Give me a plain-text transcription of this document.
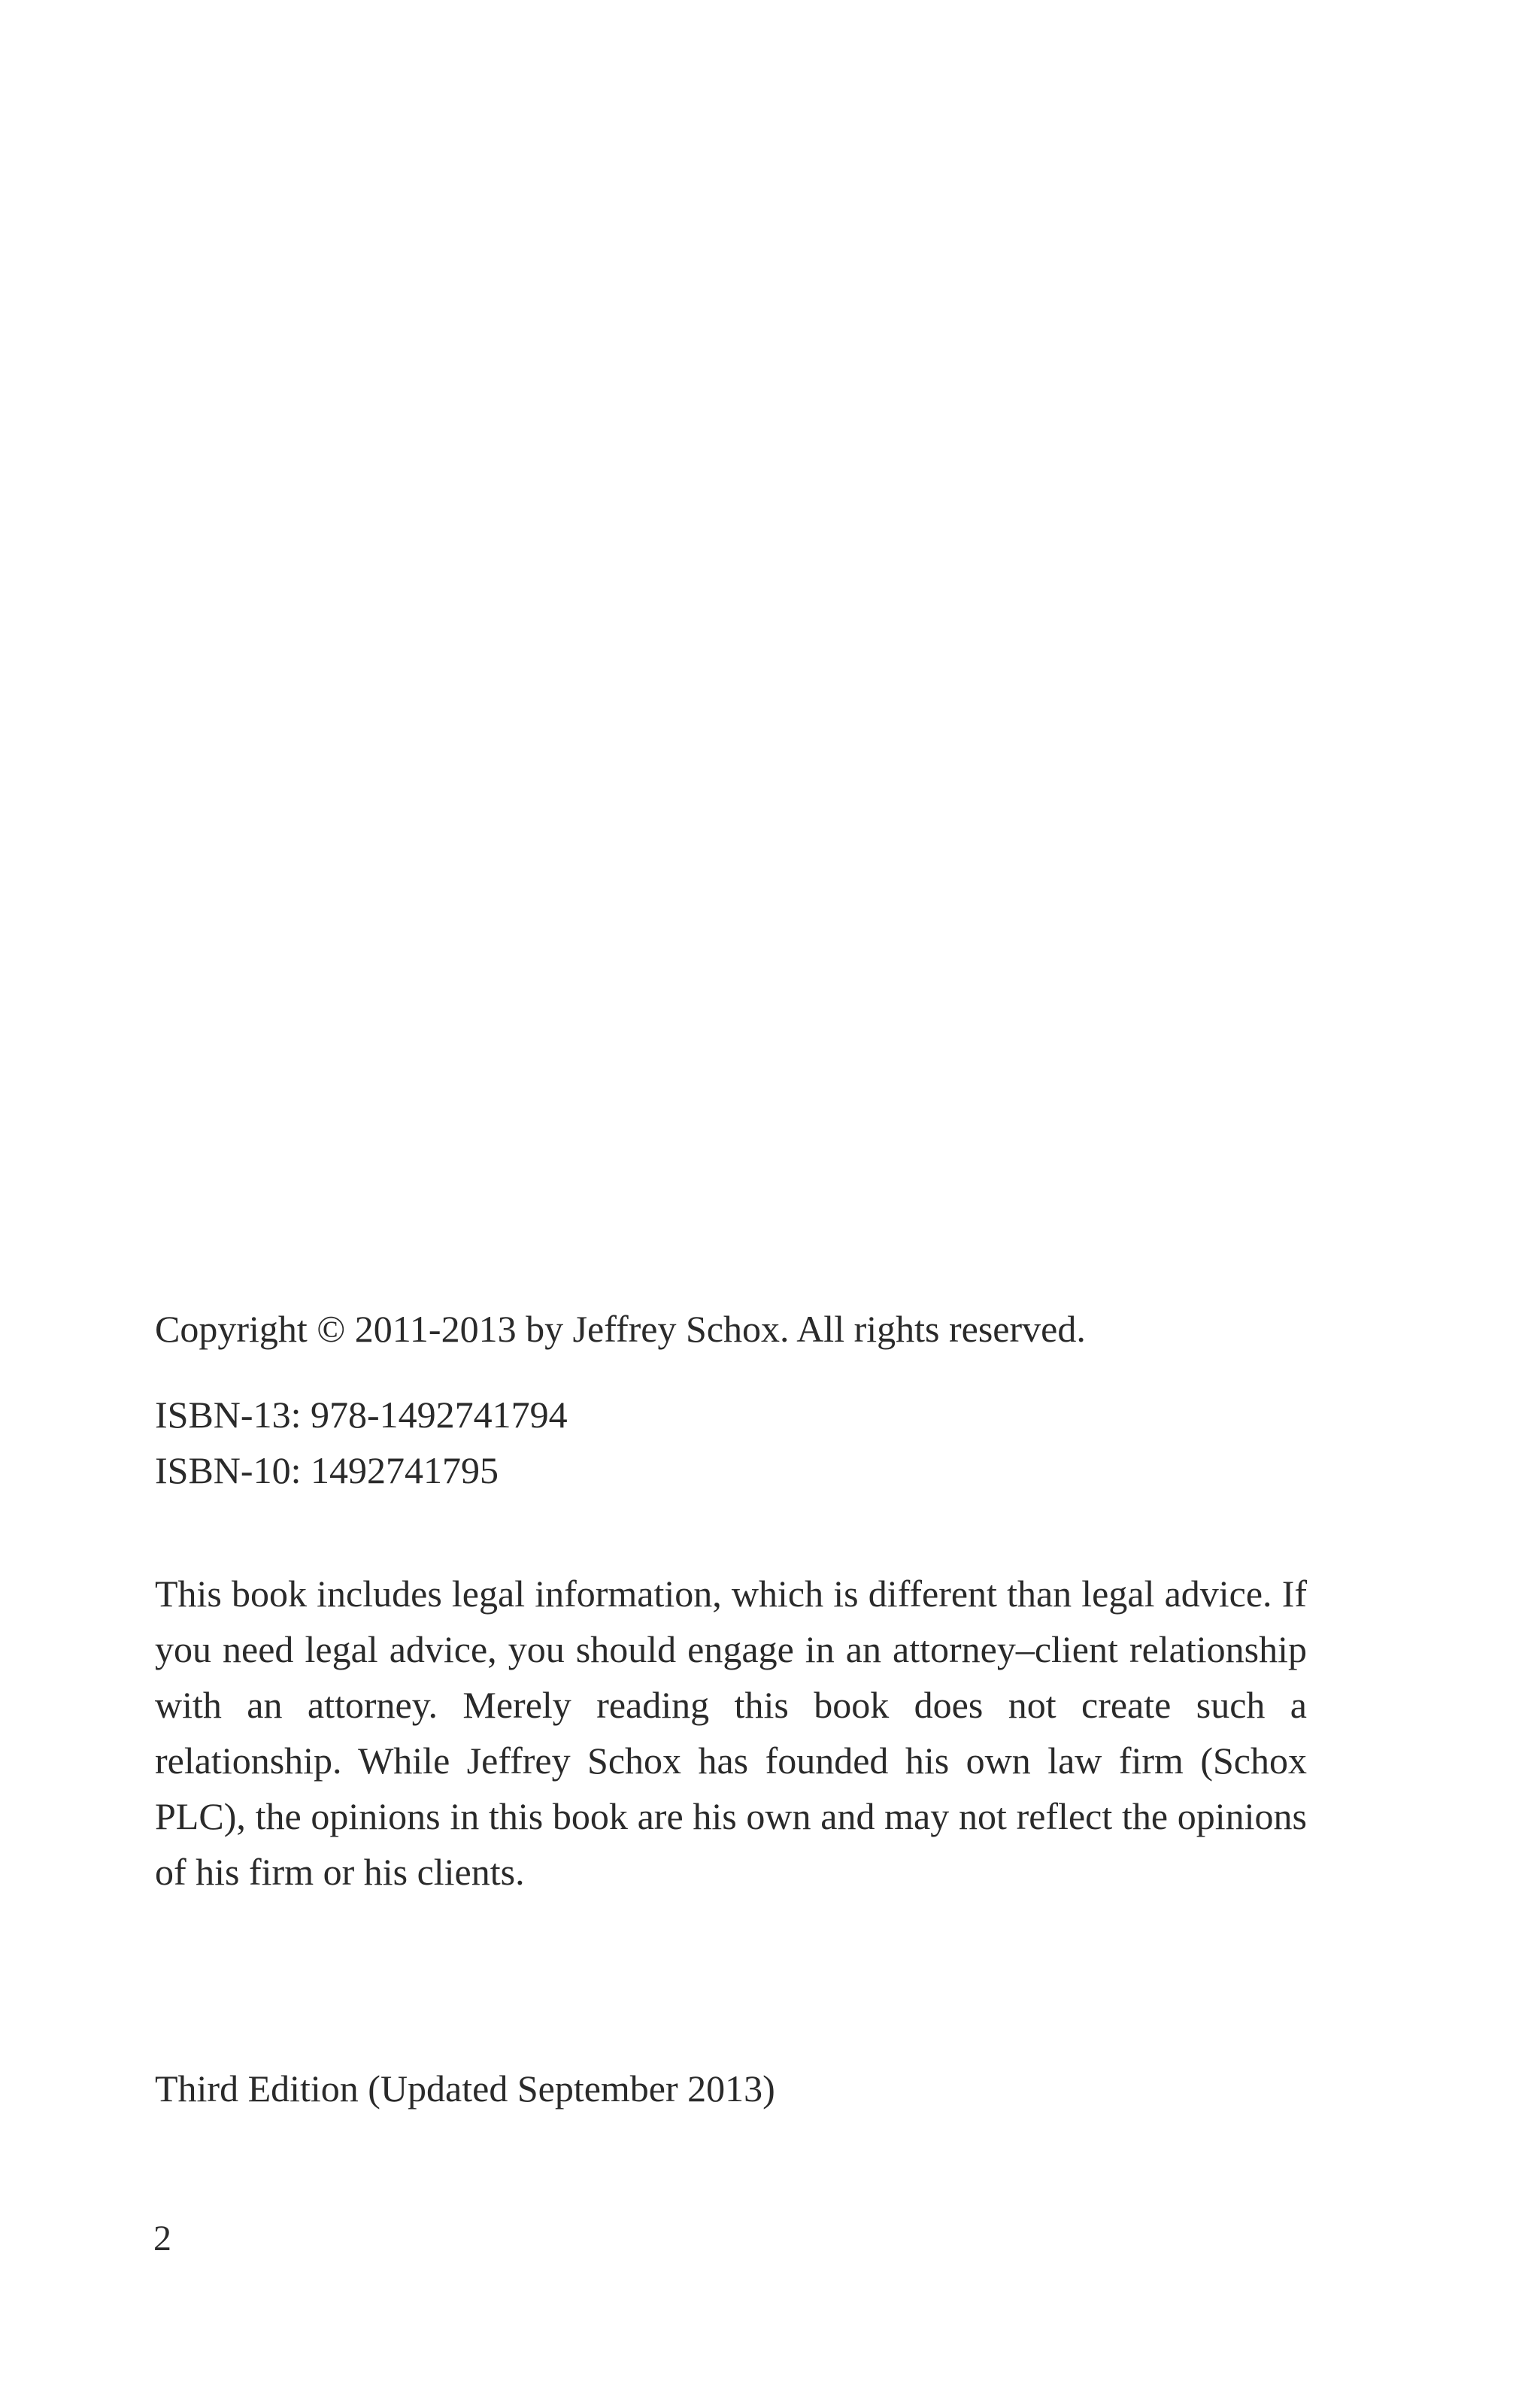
Copyright © 2011-2013 by Jeffrey Schox. All rights reserved.
ISBN-13: 978-1492741794
ISBN-10: 1492741795
This book includes legal information, which is different than legal advice. If you need legal advice, you should engage in an attorney–client relationship with an attorney. Merely reading this book does not create such a relationship. While Jeffrey Schox has founded his own law firm (Schox PLC), the opinions in this book are his own and may not reflect the opinions of his firm or his clients.
Third Edition (Updated September 2013)
2
